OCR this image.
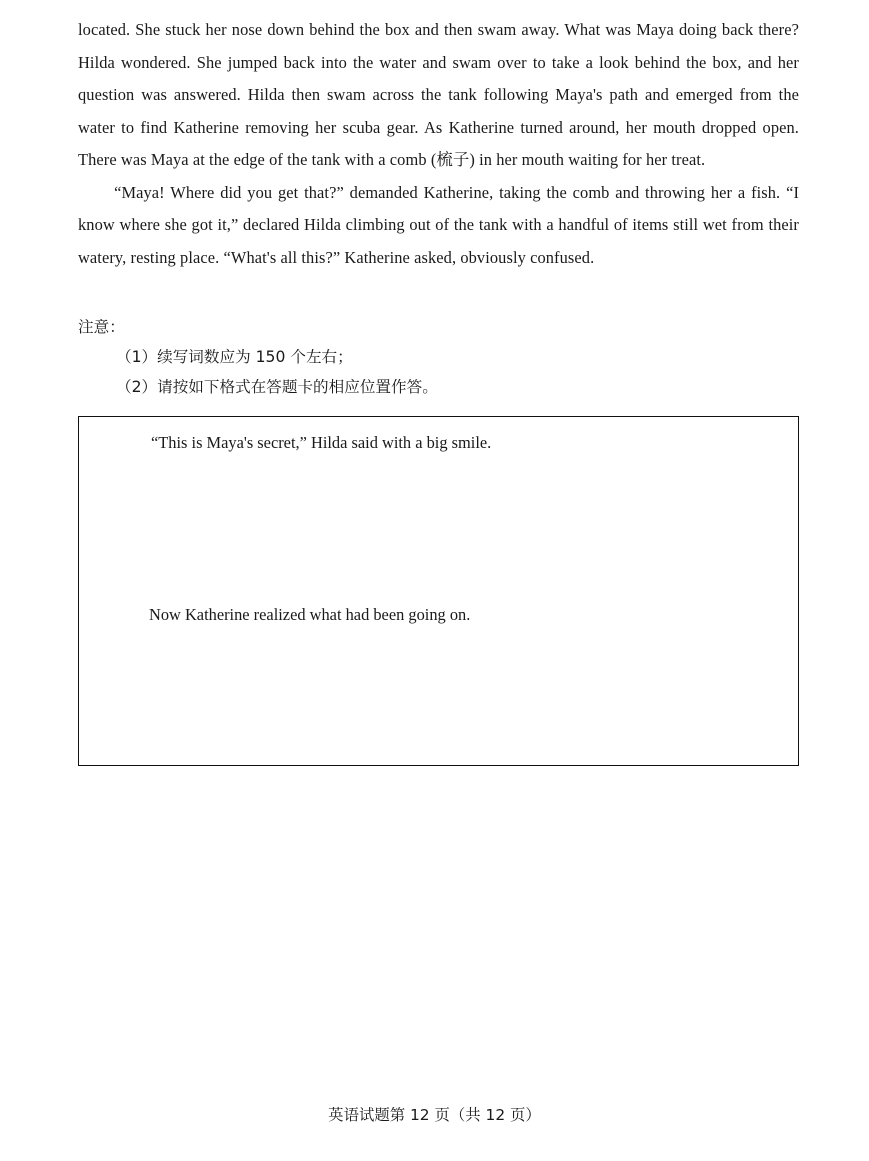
located. She stuck her nose down behind the box and then swam away. What was Maya doing back there? Hilda wondered. She jumped back into the water and swam over to take a look behind the box, and her question was answered. Hilda then swam across the tank following Maya's path and emerged from the water to find Katherine removing her scuba gear. As Katherine turned around, her mouth dropped open. There was Maya at the edge of the tank with a comb (梳子) in her mouth waiting for her treat.

“Maya! Where did you get that?” demanded Katherine, taking the comb and throwing her a fish. “I know where she got it,” declared Hilda climbing out of the tank with a handful of items still wet from their watery, resting place. “What's all this?” Katherine asked, obviously confused.

注意：

（1）续写词数应为 150 个左右；

（2）请按如下格式在答题卡的相应位置作答。

“This is Maya's secret,” Hilda said with a big smile.
Now Katherine realized what had been going on.
英语试题第 12 页（共 12 页）
